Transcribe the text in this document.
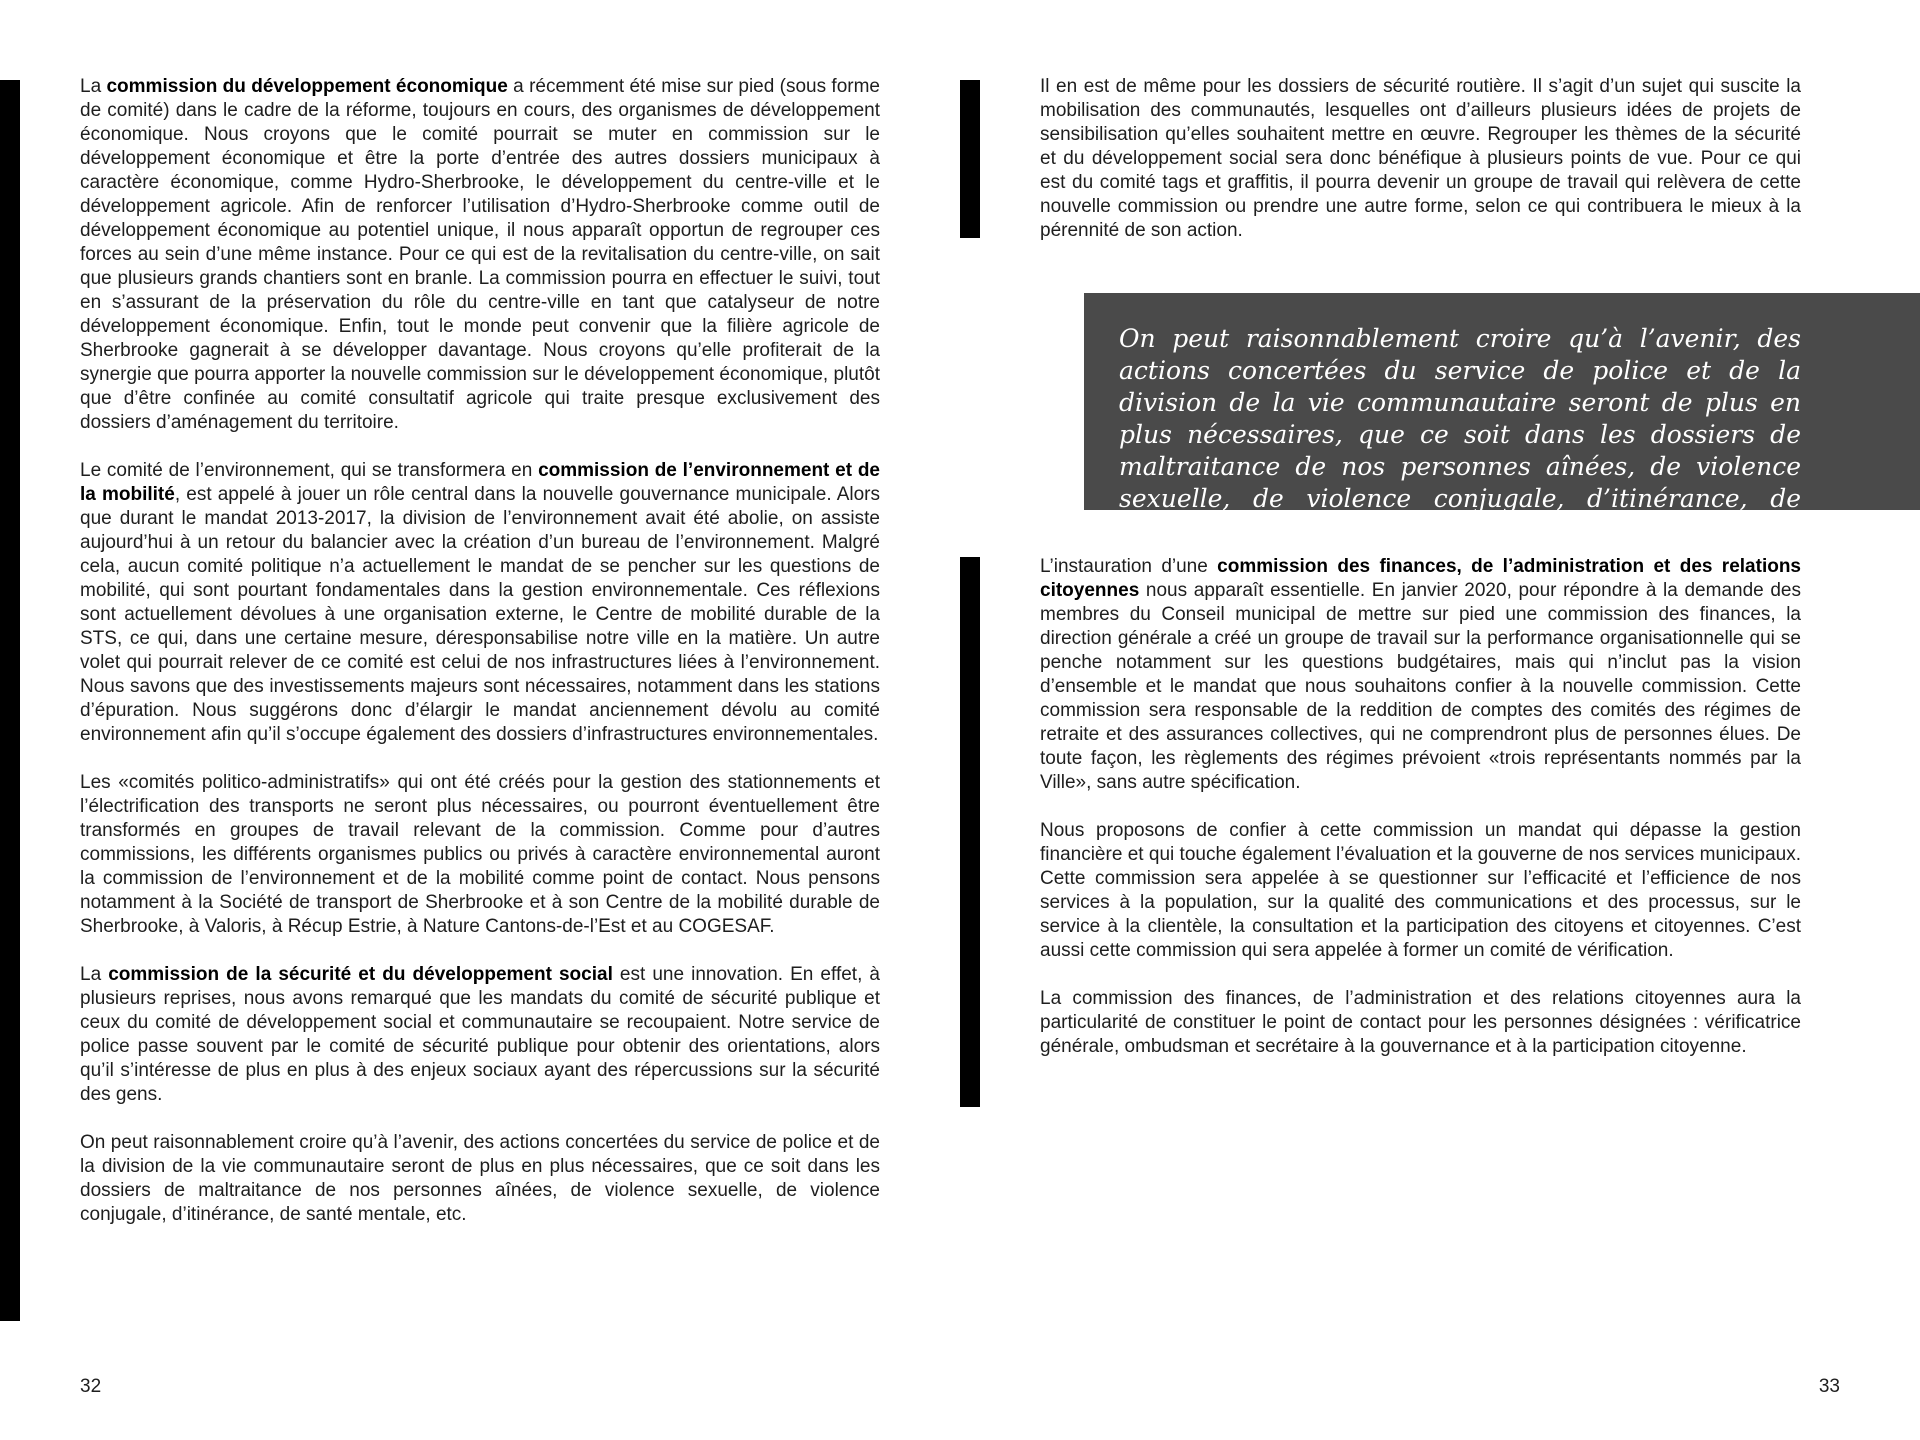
La commission du développement économique a récemment été mise sur pied (sous forme de comité) dans le cadre de la réforme, toujours en cours, des organismes de développement économique. Nous croyons que le comité pourrait se muter en commission sur le développement économique et être la porte d’entrée des autres dossiers municipaux à caractère économique, comme Hydro-Sherbrooke, le développement du centre-ville et le développement agricole. Afin de renforcer l’utilisation d’Hydro-Sherbrooke comme outil de développement économique au potentiel unique, il nous apparaît opportun de regrouper ces forces au sein d’une même instance. Pour ce qui est de la revitalisation du centre-ville, on sait que plusieurs grands chantiers sont en branle. La commission pourra en effectuer le suivi, tout en s’assurant de la préservation du rôle du centre-ville en tant que catalyseur de notre développement économique. Enfin, tout le monde peut convenir que la filière agricole de Sherbrooke gagnerait à se développer davantage. Nous croyons qu’elle profiterait de la synergie que pourra apporter la nouvelle commission sur le développement économique, plutôt que d’être confinée au comité consultatif agricole qui traite presque exclusivement des dossiers d’aménagement du territoire.

Le comité de l’environnement, qui se transformera en commission de l’environnement et de la mobilité, est appelé à jouer un rôle central dans la nouvelle gouvernance municipale. Alors que durant le mandat 2013-2017, la division de l’environnement avait été abolie, on assiste aujourd’hui à un retour du balancier avec la création d’un bureau de l’environnement. Malgré cela, aucun comité politique n’a actuellement le mandat de se pencher sur les questions de mobilité, qui sont pourtant fondamentales dans la gestion environnementale. Ces réflexions sont actuellement dévolues à une organisation externe, le Centre de mobilité durable de la STS, ce qui, dans une certaine mesure, déresponsabilise notre ville en la matière. Un autre volet qui pourrait relever de ce comité est celui de nos infrastructures liées à l’environnement. Nous savons que des investissements majeurs sont nécessaires, notamment dans les stations d’épuration. Nous suggérons donc d’élargir le mandat anciennement dévolu au comité environnement afin qu’il s’occupe également des dossiers d’infrastructures environnementales.

Les «comités politico-administratifs» qui ont été créés pour la gestion des stationnements et l’électrification des transports ne seront plus nécessaires, ou pourront éventuellement être transformés en groupes de travail relevant de la commission. Comme pour d’autres commissions, les différents organismes publics ou privés à caractère environnemental auront la commission de l’environnement et de la mobilité comme point de contact. Nous pensons notamment à la Société de transport de Sherbrooke et à son Centre de la mobilité durable de Sherbrooke, à Valoris, à Récup Estrie, à Nature Cantons-de-l’Est et au COGESAF.

La commission de la sécurité et du développement social est une innovation. En effet, à plusieurs reprises, nous avons remarqué que les mandats du comité de sécurité publique et ceux du comité de développement social et communautaire se recoupaient. Notre service de police passe souvent par le comité de sécurité publique pour obtenir des orientations, alors qu’il s’intéresse de plus en plus à des enjeux sociaux ayant des répercussions sur la sécurité des gens.

On peut raisonnablement croire qu’à l’avenir, des actions concertées du service de police et de la division de la vie communautaire seront de plus en plus nécessaires, que ce soit dans les dossiers de maltraitance de nos personnes aînées, de violence sexuelle, de violence conjugale, d’itinérance, de santé mentale, etc.

32

Il en est de même pour les dossiers de sécurité routière. Il s’agit d’un sujet qui suscite la mobilisation des communautés, lesquelles ont d’ailleurs plusieurs idées de projets de sensibilisation qu’elles souhaitent mettre en œuvre. Regrouper les thèmes de la sécurité et du développement social sera donc bénéfique à plusieurs points de vue. Pour ce qui est du comité tags et graffitis, il pourra devenir un groupe de travail qui relèvera de cette nouvelle commission ou prendre une autre forme, selon ce qui contribuera le mieux à la pérennité de son action.

On peut raisonnablement croire qu’à l’avenir, des actions concertées du service de police et de la division de la vie communautaire seront de plus en plus nécessaires, que ce soit dans les dossiers de maltraitance de nos personnes aînées, de violence sexuelle, de violence conjugale, d’itinérance, de santé mentale, etc.

L’instauration d’une commission des finances, de l’administration et des relations citoyennes nous apparaît essentielle. En janvier 2020, pour répondre à la demande des membres du Conseil municipal de mettre sur pied une commission des finances, la direction générale a créé un groupe de travail sur la performance organisationnelle qui se penche notamment sur les questions budgétaires, mais qui n’inclut pas la vision d’ensemble et le mandat que nous souhaitons confier à la nouvelle commission. Cette commission sera responsable de la reddition de comptes des comités des régimes de retraite et des assurances collectives, qui ne comprendront plus de personnes élues. De toute façon, les règlements des régimes prévoient «trois représentants nommés par la Ville», sans autre spécification.

Nous proposons de confier à cette commission un mandat qui dépasse la gestion financière et qui touche également l’évaluation et la gouverne de nos services municipaux. Cette commission sera appelée à se questionner sur l’efficacité et l’efficience de nos services à la population, sur la qualité des communications et des processus, sur le service à la clientèle, la consultation et la participation des citoyens et citoyennes. C’est aussi cette commission qui sera appelée à former un comité de vérification.

La commission des finances, de l’administration et des relations citoyennes aura la particularité de constituer le point de contact pour les personnes désignées : vérificatrice générale, ombudsman et secrétaire à la gouvernance et à la participation citoyenne.

33
